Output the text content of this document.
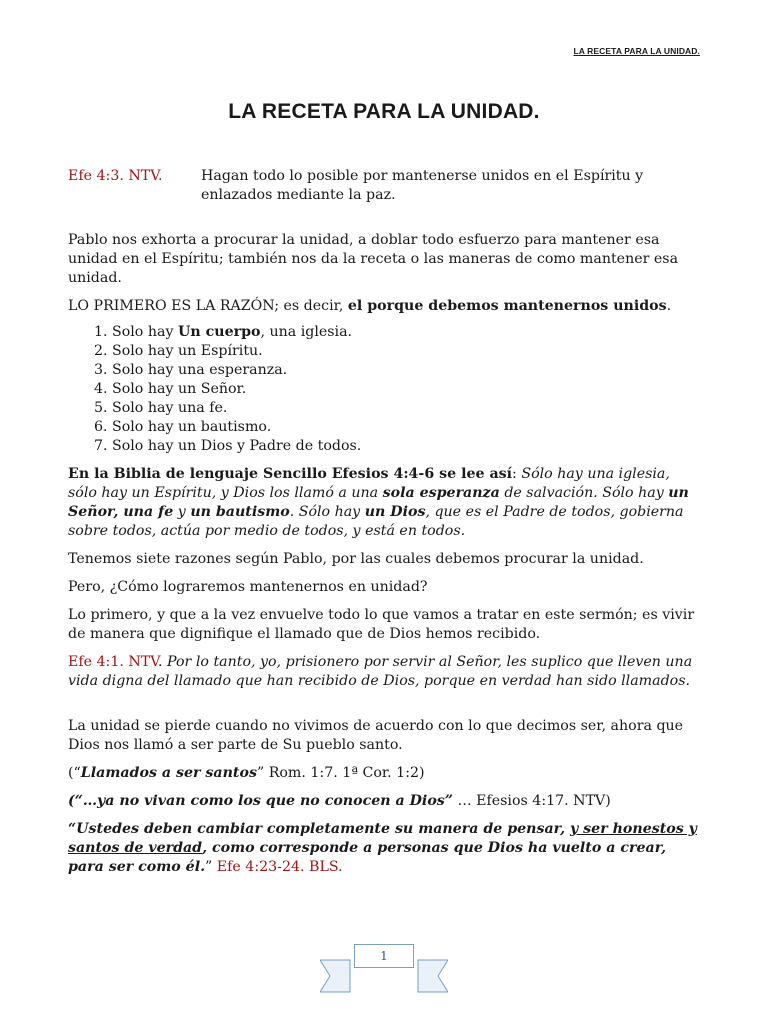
LA RECETA PARA LA UNIDAD.
LA RECETA PARA LA UNIDAD.

Efe 4:3. NTV.	Hagan todo lo posible por mantenerse unidos en el Espíritu y enlazados mediante la paz.

Pablo nos exhorta a procurar la unidad, a doblar todo esfuerzo para mantener esa unidad en el Espíritu; también nos da la receta o las maneras de como mantener esa unidad.

LO PRIMERO ES LA RAZÓN; es decir, el porque debemos mantenernos unidos.

1. Solo hay Un cuerpo, una iglesia.
2. Solo hay un Espíritu.
3. Solo hay una esperanza.
4. Solo hay un Señor.
5. Solo hay una fe.
6. Solo hay un bautismo.
7. Solo hay un Dios y Padre de todos.

En la Biblia de lenguaje Sencillo Efesios 4:4-6 se lee así: Sólo hay una iglesia, sólo hay un Espíritu, y Dios los llamó a una sola esperanza de salvación. Sólo hay un Señor, una fe y un bautismo. Sólo hay un Dios, que es el Padre de todos, gobierna sobre todos, actúa por medio de todos, y está en todos.

Tenemos siete razones según Pablo, por las cuales debemos procurar la unidad.

Pero, ¿Cómo lograremos mantenernos en unidad?

Lo primero, y que a la vez envuelve todo lo que vamos a tratar en este sermón; es vivir de manera que dignifique el llamado que de Dios hemos recibido.

Efe 4:1. NTV. Por lo tanto, yo, prisionero por servir al Señor, les suplico que lleven una vida digna del llamado que han recibido de Dios, porque en verdad han sido llamados.

La unidad se pierde cuando no vivimos de acuerdo con lo que decimos ser, ahora que Dios nos llamó a ser parte de Su pueblo santo.

(“Llamados a ser santos” Rom. 1:7. 1ª Cor. 1:2)

(“…ya no vivan como los que no conocen a Dios” … Efesios 4:17. NTV)

“Ustedes deben cambiar completamente su manera de pensar, y ser honestos y santos de verdad, como corresponde a personas que Dios ha vuelto a crear, para ser como él.” Efe 4:23-24. BLS.

1
